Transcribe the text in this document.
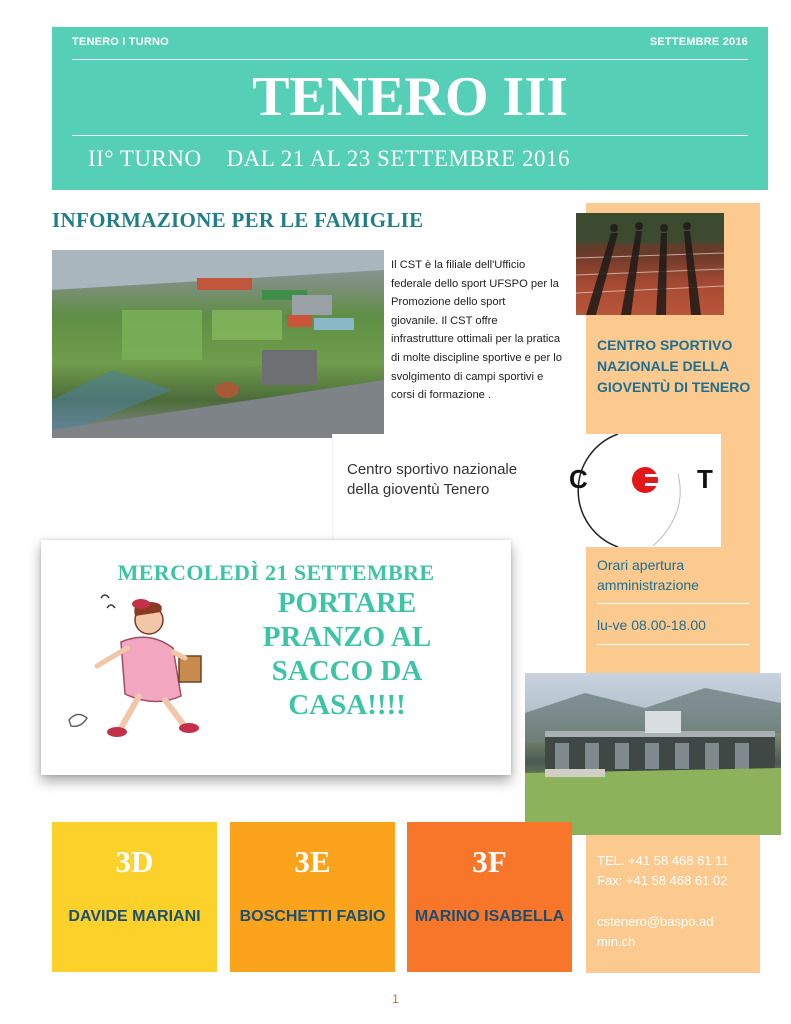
TENERO I TURNO	SETTEMBRE 2016
TENERO III
II° TURNO    DAL 21 AL 23 SETTEMBRE 2016
INFORMAZIONE PER LE FAMIGLIE
Il CST è la filiale dell'Ufficio
federale dello sport UFSPO per la
Promozione dello sport
giovanile. Il CST offre
infrastrutture ottimali per la pratica
di molte discipline sportive e per lo
svolgimento di campi sportivi e
corsi di formazione .
CENTRO SPORTIVO NAZIONALE DELLA GIOVENTÙ DI TENERO
Centro sportivo nazionale
della gioventù Tenero	C	T
Orari apertura
amministrazione
lu-ve 08.00-18.00
MERCOLEDÌ 21 SETTEMBRE
PORTARE
PRANZO AL
SACCO DA
CASA!!!!
3D
DAVIDE MARIANI
3E
BOSCHETTI FABIO
3F
MARINO ISABELLA
TEL. +41 58 468 61 11
Fax: +41 58 468 61 02
cstenero@baspo.ad
min.ch
1
